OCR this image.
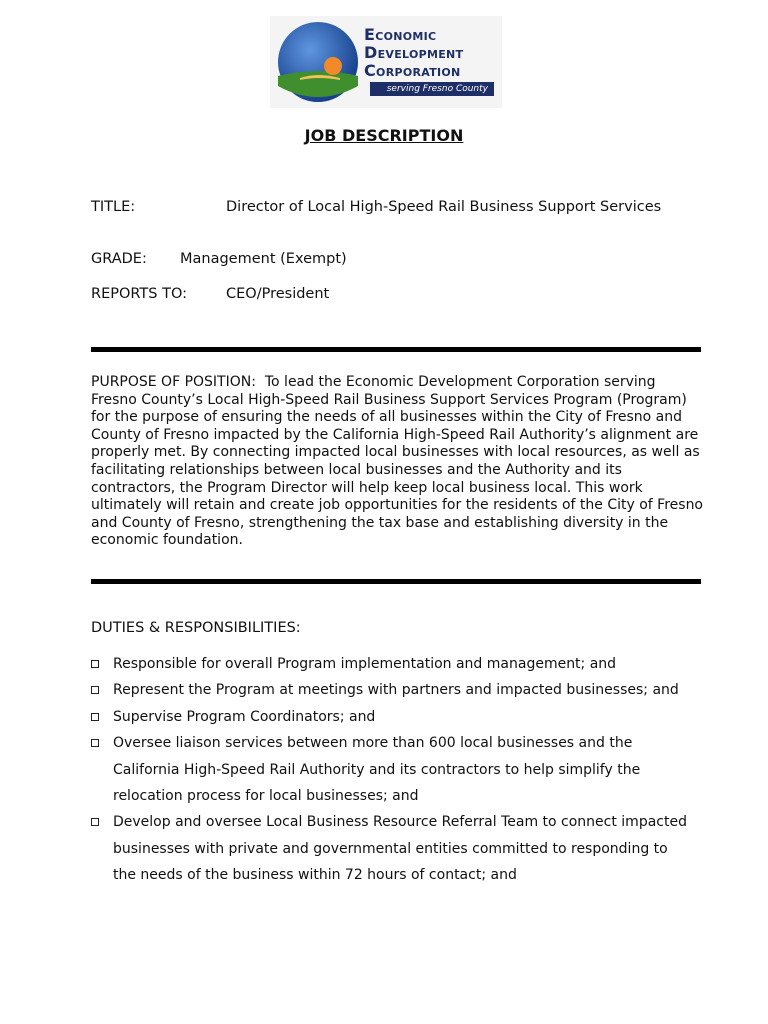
Economic
Development
Corporation
serving Fresno County
JOB DESCRIPTION
TITLE:	Director of Local High-Speed Rail Business Support Services
GRADE: Management (Exempt)
REPORTS TO:	CEO/President
PURPOSE OF POSITION: To lead the Economic Development Corporation serving Fresno County’s Local High-Speed Rail Business Support Services Program (Program) for the purpose of ensuring the needs of all businesses within the City of Fresno and County of Fresno impacted by the California High-Speed Rail Authority’s alignment are properly met. By connecting impacted local businesses with local resources, as well as facilitating relationships between local businesses and the Authority and its contractors, the Program Director will help keep local business local. This work ultimately will retain and create job opportunities for the residents of the City of Fresno and County of Fresno, strengthening the tax base and establishing diversity in the economic foundation.
DUTIES & RESPONSIBILITIES:
Responsible for overall Program implementation and management; and
Represent the Program at meetings with partners and impacted businesses; and
Supervise Program Coordinators; and
Oversee liaison services between more than 600 local businesses and the California High-Speed Rail Authority and its contractors to help simplify the relocation process for local businesses; and
Develop and oversee Local Business Resource Referral Team to connect impacted businesses with private and governmental entities committed to responding to the needs of the business within 72 hours of contact; and
